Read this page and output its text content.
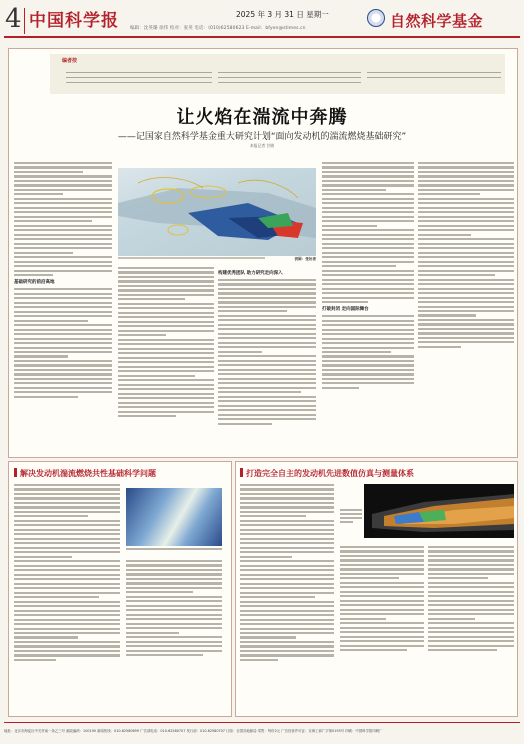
4 中国科学报	2025 年 3 月 31 日 星期一
编辑：沈英璐 徐伟 校对：张英 电话：(010)62580623 E-mail：bfyen@stimes.cn	自然科学基金
编者按
让火焰在湍流中奔腾
——记国家自然科学基金重大研究计划“面向发动机的湍流燃烧基础研究”
本报记者 甘晓
基础研究的前沿高地
供图：受访者
构建优秀团队 助力研究走向深入
打破封闭 走向国际舞台
解决发动机湍流燃烧共性基础科学问题	打造完全自主的发动机先进数值仿真与测量体系
地址：北京市海淀区中关村南一条乙三号 邮政编码：100190 新闻热线：010-62580699 广告部电话：010-62580707 发行部：010-62580707 订阅：全国各地邮局 零售：每份2元 广告经营许可证：京海工商广字第0193号 印刷：中国科学报印刷厂
